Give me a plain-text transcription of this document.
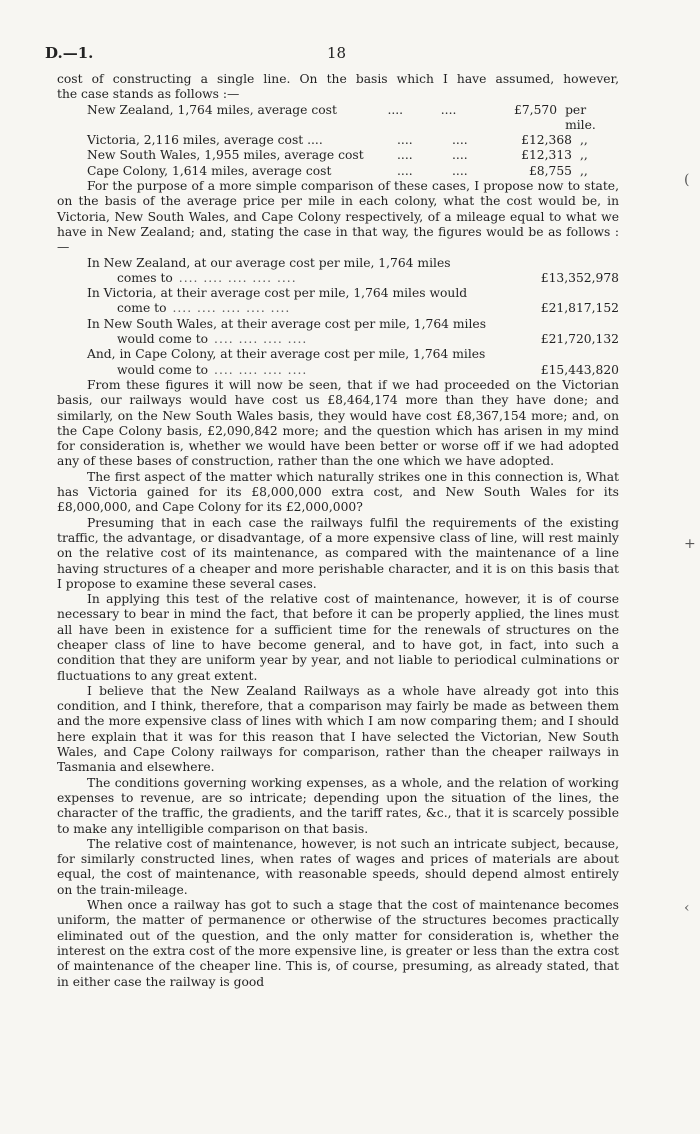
D.—1.	18
cost of constructing a single line. On the basis which I have assumed, however,
the case stands as follows :—
New Zealand, 1,764 miles, average cost	....	....	£7,570 per mile.
Victoria, 2,116 miles, average cost ....	....	....	£12,368 ,,
New South Wales, 1,955 miles, average cost	....	....	£12,313 ,,
Cape Colony, 1,614 miles, average cost	....	....	£8,755 ,,

For the purpose of a more simple comparison of these cases, I propose now to state, on the basis of the average price per mile in each colony, what the cost would be, in Victoria, New South Wales, and Cape Colony respectively, of a mileage equal to what we have in New Zealand; and, stating the case in that way, the figures would be as follows :—

In New Zealand, at our average cost per mile, 1,764 miles
comes to .... .... .... .... ....	£13,352,978
In Victoria, at their average cost per mile, 1,764 miles would
come to .... .... .... .... ....	£21,817,152
In New South Wales, at their average cost per mile, 1,764 miles
would come to .... .... .... ....	£21,720,132
And, in Cape Colony, at their average cost per mile, 1,764 miles
would come to .... .... .... ....	£15,443,820

From these figures it will now be seen, that if we had proceeded on the Victorian basis, our railways would have cost us £8,464,174 more than they have done; and similarly, on the New South Wales basis, they would have cost £8,367,154 more; and, on the Cape Colony basis, £2,090,842 more; and the question which has arisen in my mind for consideration is, whether we would have been better or worse off if we had adopted any of these bases of construction, rather than the one which we have adopted.

The first aspect of the matter which naturally strikes one in this connection is, What has Victoria gained for its £8,000,000 extra cost, and New South Wales for its £8,000,000, and Cape Colony for its £2,000,000?

Presuming that in each case the railways fulfil the requirements of the existing traffic, the advantage, or disadvantage, of a more expensive class of line, will rest mainly on the relative cost of its maintenance, as compared with the maintenance of a line having structures of a cheaper and more perishable character, and it is on this basis that I propose to examine these several cases.

In applying this test of the relative cost of maintenance, however, it is of course necessary to bear in mind the fact, that before it can be properly applied, the lines must all have been in existence for a sufficient time for the renewals of structures on the cheaper class of line to have become general, and to have got, in fact, into such a condition that they are uniform year by year, and not liable to periodical culminations or fluctuations to any great extent.

I believe that the New Zealand Railways as a whole have already got into this condition, and I think, therefore, that a comparison may fairly be made as between them and the more expensive class of lines with which I am now comparing them; and I should here explain that it was for this reason that I have selected the Victorian, New South Wales, and Cape Colony railways for comparison, rather than the cheaper railways in Tasmania and elsewhere.

The conditions governing working expenses, as a whole, and the relation of working expenses to revenue, are so intricate; depending upon the situation of the lines, the character of the traffic, the gradients, and the tariff rates, &c., that it is scarcely possible to make any intelligible comparison on that basis.

The relative cost of maintenance, however, is not such an intricate subject, because, for similarly constructed lines, when rates of wages and prices of materials are about equal, the cost of maintenance, with reasonable speeds, should depend almost entirely on the train-mileage.

When once a railway has got to such a stage that the cost of maintenance becomes uniform, the matter of permanence or otherwise of the structures becomes practically eliminated out of the question, and the only matter for consideration is, whether the interest on the extra cost of the more expensive line, is greater or less than the extra cost of maintenance of the cheaper line. This is, of course, presuming, as already stated, that in either case the railway is good

(
+
‹
